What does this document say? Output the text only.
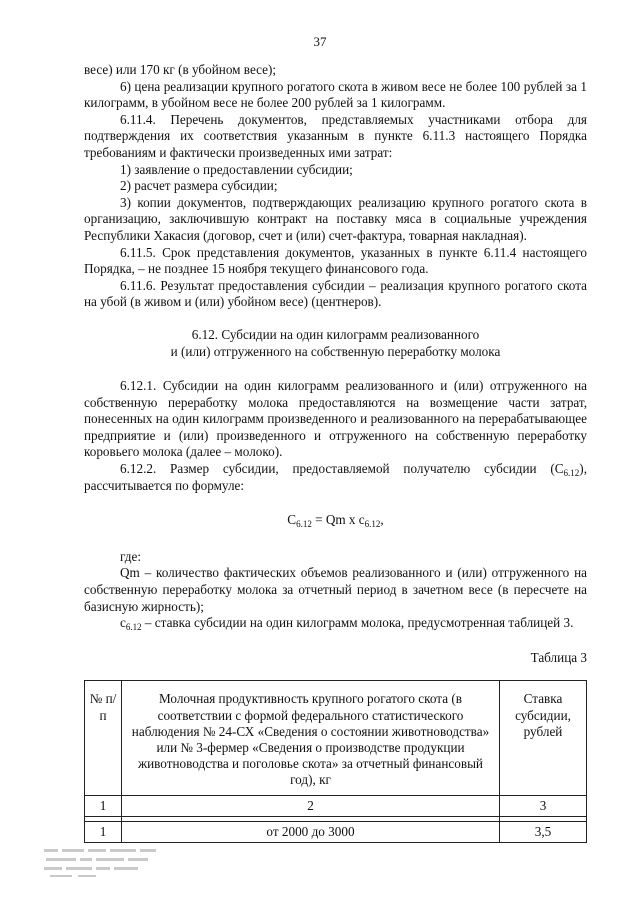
37

весе) или 170 кг (в убойном весе);

6) цена реализации крупного рогатого скота в живом весе не более 100 рублей за 1 килограмм, в убойном весе не более 200 рублей за 1 килограмм.

6.11.4. Перечень документов, представляемых участниками отбора для подтверждения их соответствия указанным в пункте 6.11.3 настоящего Порядка требованиям и фактически произведенных ими затрат:

1) заявление о предоставлении субсидии;

2) расчет размера субсидии;

3) копии документов, подтверждающих реализацию крупного рогатого скота в организацию, заключившую контракт на поставку мяса в социальные учреждения Республики Хакасия (договор, счет и (или) счет-фактура, товарная накладная).

6.11.5. Срок представления документов, указанных в пункте 6.11.4 настоящего Порядка, – не позднее 15 ноября текущего финансового года.

6.11.6. Результат предоставления субсидии – реализация крупного рогатого скота на убой (в живом и (или) убойном весе) (центнеров).

6.12. Субсидии на один килограмм реализованного
и (или) отгруженного на собственную переработку молока

6.12.1. Субсидии на один килограмм реализованного и (или) отгруженного на собственную переработку молока предоставляются на возмещение части затрат, понесенных на один килограмм произведенного и реализованного на перерабатывающее предприятие и (или) произведенного и отгруженного на собственную переработку коровьего молока (далее – молоко).

6.12.2. Размер субсидии, предоставляемой получателю субсидии $(С_{6.12})$, рассчитывается по формуле:

$С_{6.12} = Qm$ х $с_{6.12}$,

где:

Qm – количество фактических объемов реализованного и (или) отгруженного на собственную переработку молока за отчетный период в зачетном весе (в пересчете на базисную жирность);

$с_{6.12}$ – ставка субсидии на один килограмм молока, предусмотренная таблицей 3.

Таблица 3

№ п/п	Молочная продуктивность крупного рогатого скота (в соответствии с формой федерального статистического наблюдения № 24-СХ «Сведения о состоянии животноводства» или № 3-фермер «Сведения о производстве продукции животноводства и поголовье скота» за отчетный финансовый год), кг	Ставка субсидии, рублей
1	2	3

1	от 2000 до 3000	3,5
